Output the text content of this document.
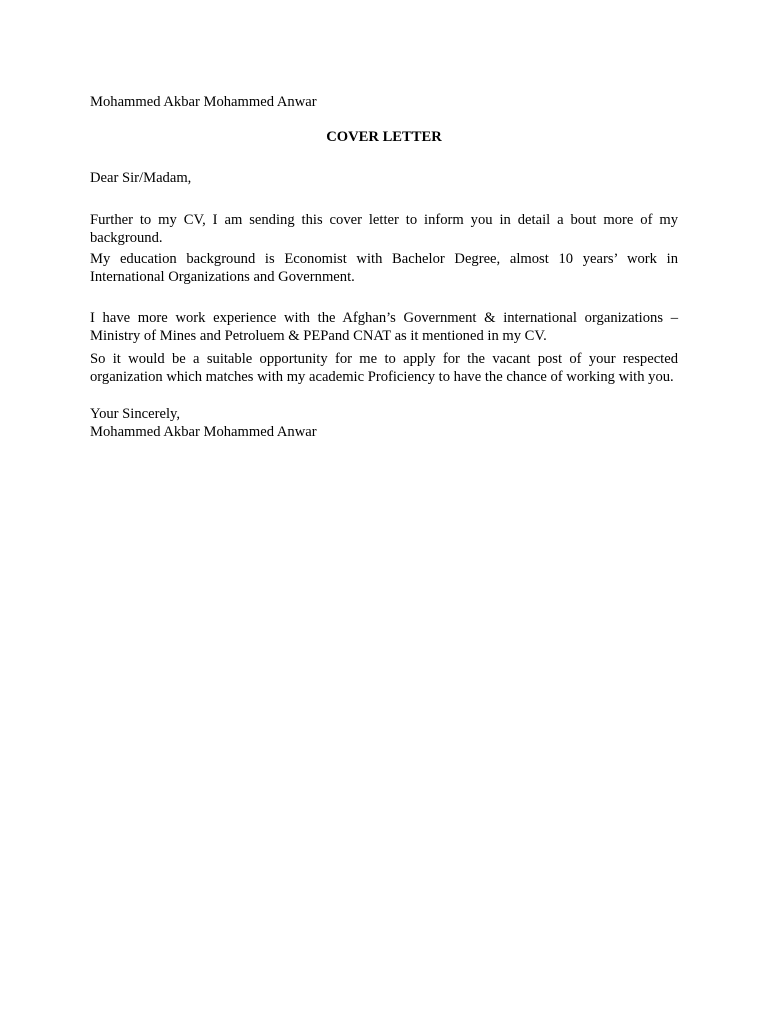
Mohammed Akbar Mohammed Anwar
COVER LETTER
Dear Sir/Madam,

Further to my CV, I am sending this cover letter to inform you in detail a bout more of my background.

My education background is Economist with Bachelor Degree, almost 10 years’ work in International Organizations and Government.

I have more work experience with the Afghan’s Government & international organizations – Ministry of Mines and Petroluem & PEPand CNAT as it mentioned in my CV.

So it would be a suitable opportunity for me to apply for the vacant post of your respected organization which matches with my academic Proficiency to have the chance of working with you.

Your Sincerely,
Mohammed Akbar Mohammed Anwar
